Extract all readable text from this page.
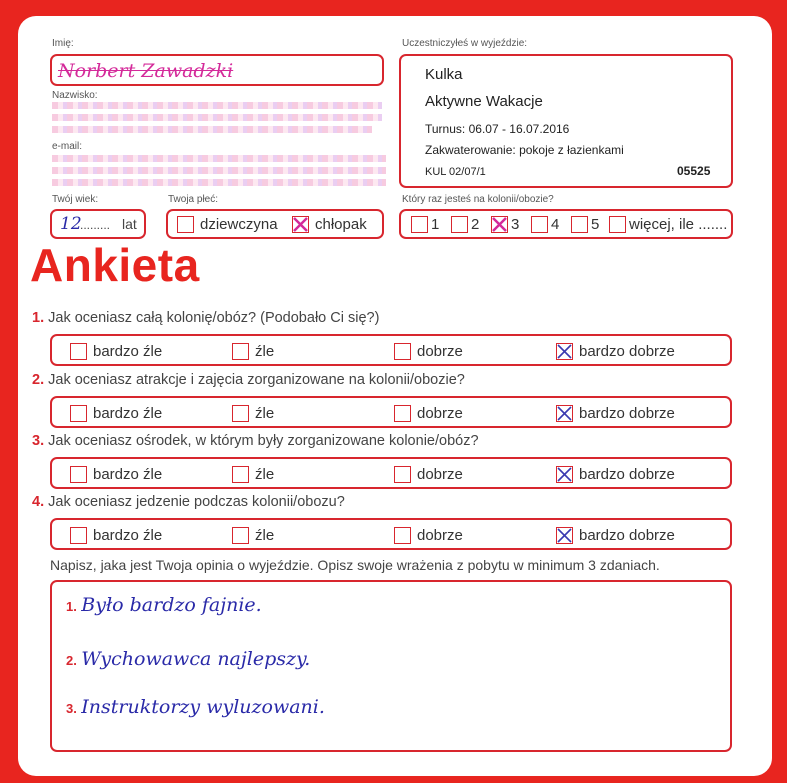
Imię:
Norbert Zawadzki
Nazwisko:
e-mail:
Uczestniczyłeś w wyjeździe:
Kulka
Aktywne Wakacje
Turnus: 06.07 - 16.07.2016
Zakwaterowanie: pokoje z łazienkami
KUL 02/07/1	05525
Twój wiek:
12
......... lat
Twoja płeć:
dziewczyna	chłopak
Który raz jesteś na kolonii/obozie?
1	2	3	4	5	więcej, ile .......
Ankieta
1. Jak oceniasz całą kolonię/obóz? (Podobało Ci się?)
bardzo źle	źle	dobrze	bardzo dobrze
2. Jak oceniasz atrakcje i zajęcia zorganizowane na kolonii/obozie?
bardzo źle	źle	dobrze	bardzo dobrze
3. Jak oceniasz ośrodek, w którym były zorganizowane kolonie/obóz?
bardzo źle	źle	dobrze	bardzo dobrze
4. Jak oceniasz jedzenie podczas kolonii/obozu?
bardzo źle	źle	dobrze	bardzo dobrze
Napisz, jaka jest Twoja opinia o wyjeździe. Opisz swoje wrażenia z pobytu w minimum 3 zdaniach.
1. Było bardzo fajnie.
2. Wychowawca najlepszy.
3. Instruktorzy wyluzowani.
